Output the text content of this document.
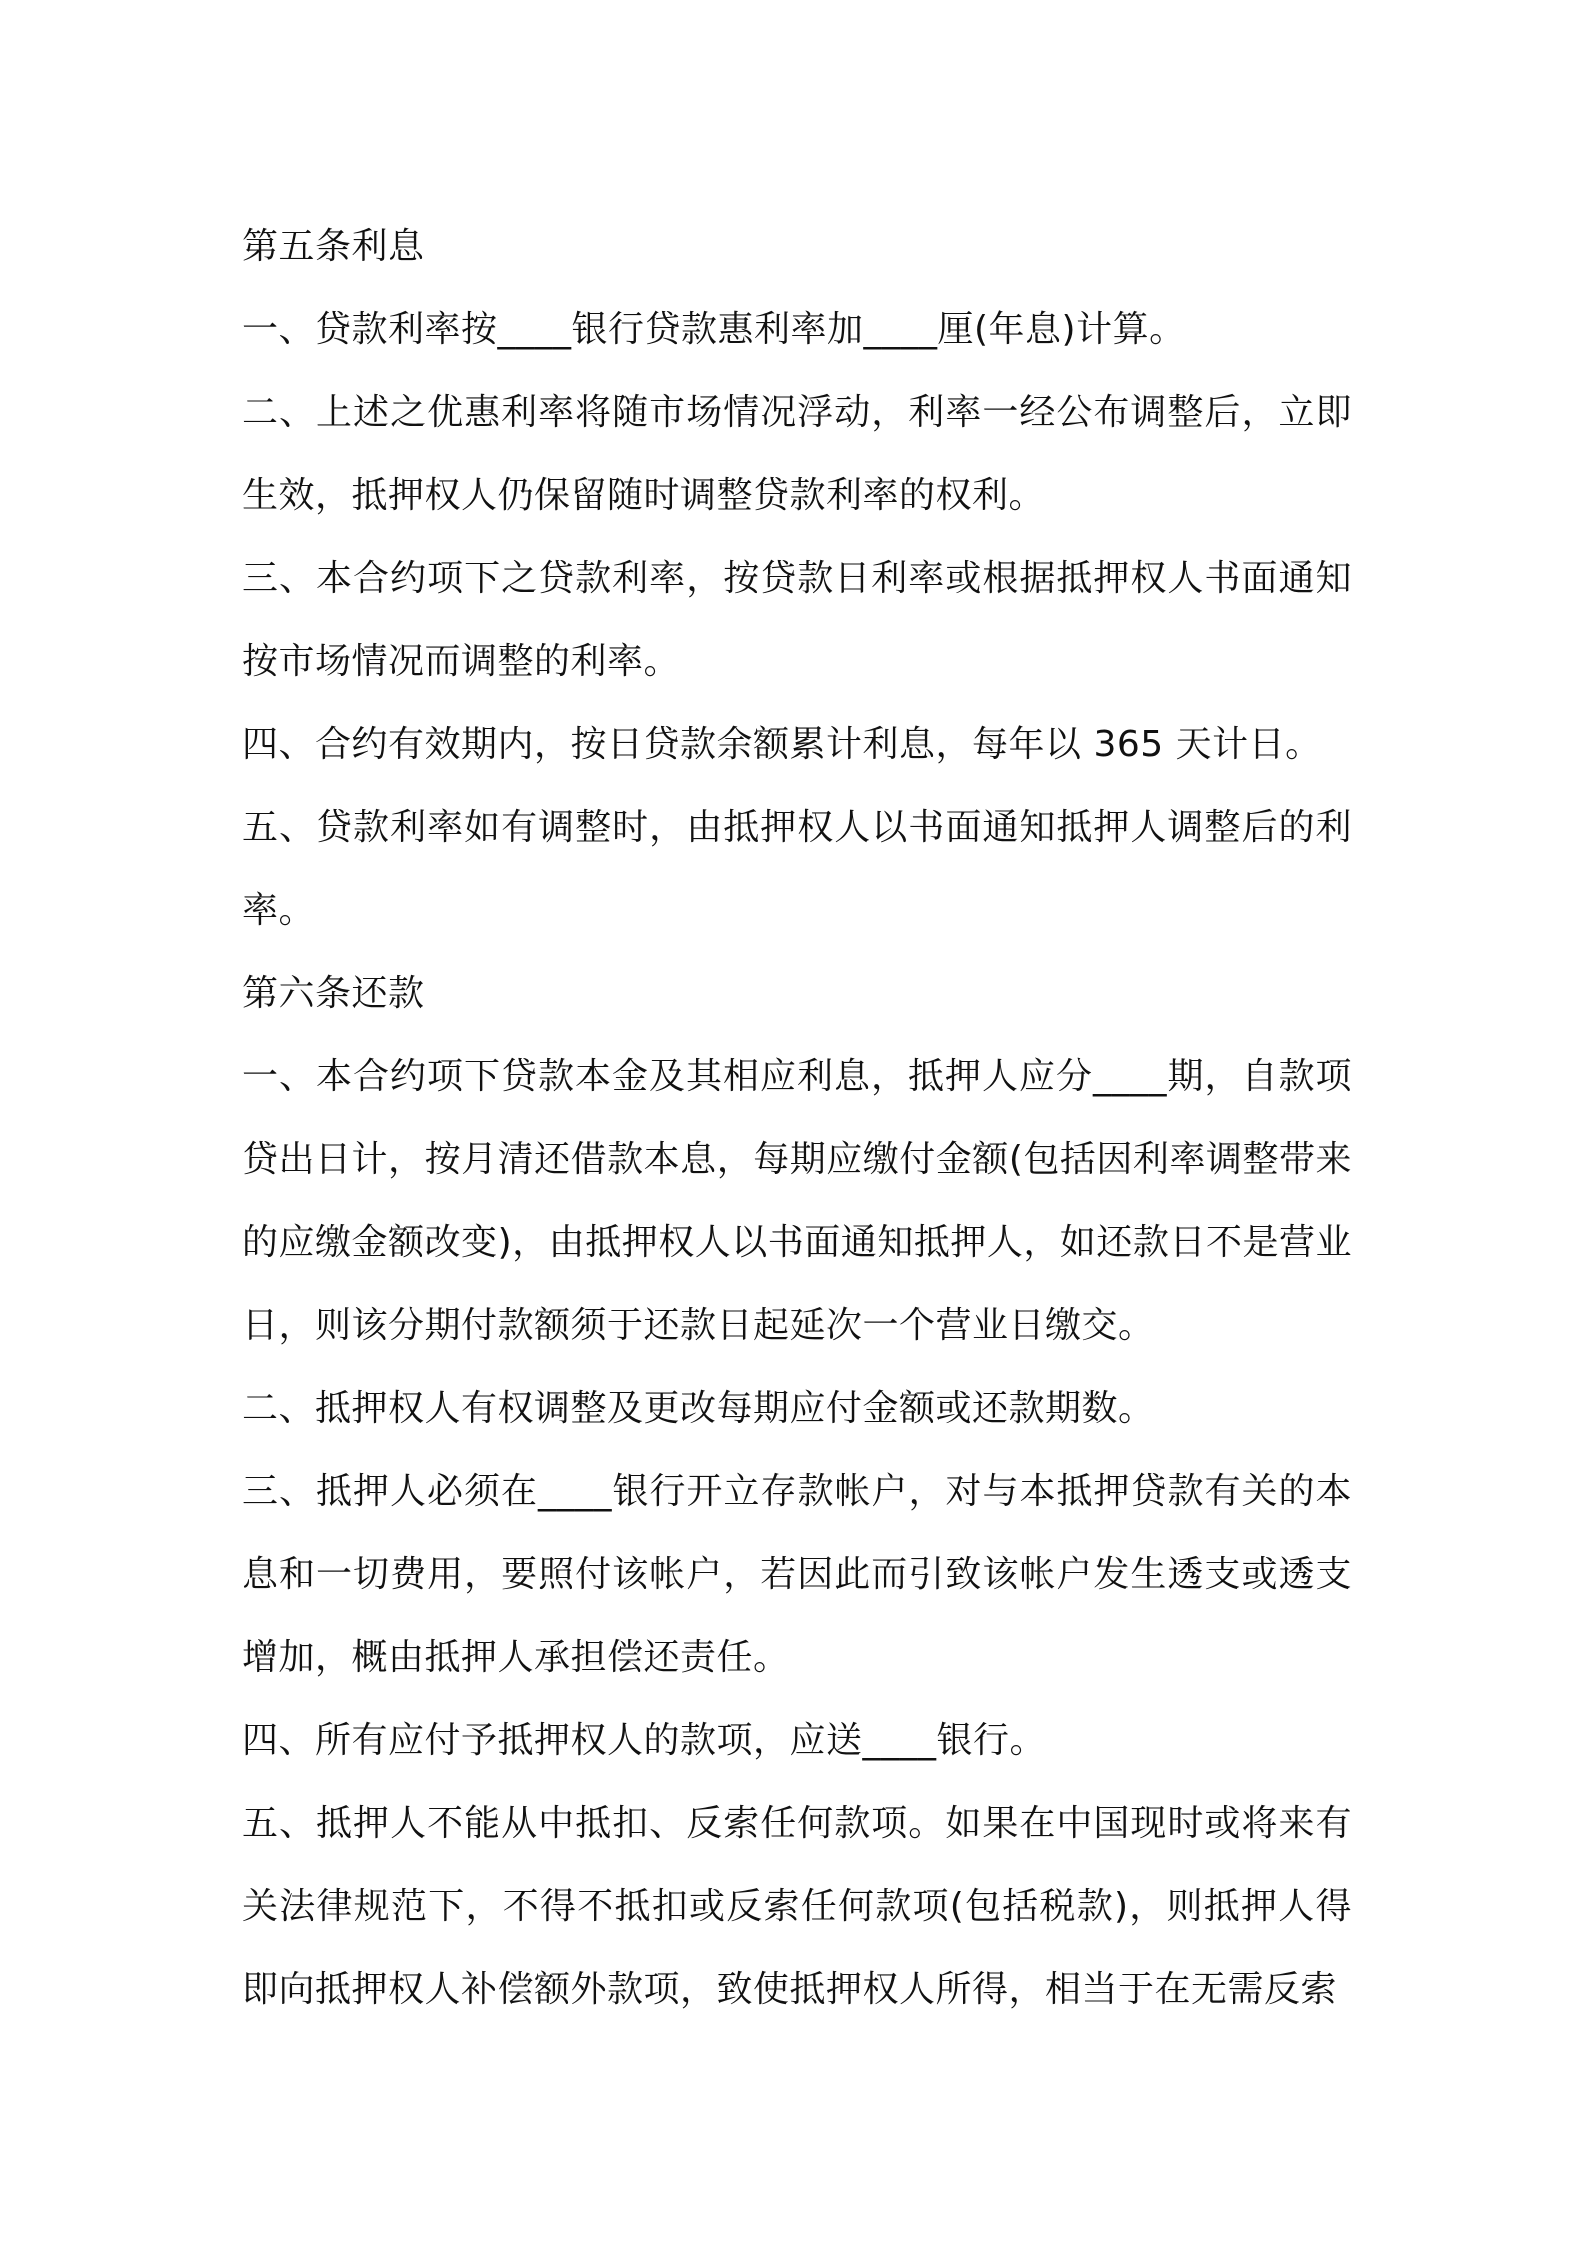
第五条利息

一、贷款利率按____银行贷款惠利率加____厘(年息)计算。

二、上述之优惠利率将随市场情况浮动，利率一经公布调整后，立即生效，抵押权人仍保留随时调整贷款利率的权利。

三、本合约项下之贷款利率，按贷款日利率或根据抵押权人书面通知按市场情况而调整的利率。

四、合约有效期内，按日贷款余额累计利息，每年以 365 天计日。

五、贷款利率如有调整时，由抵押权人以书面通知抵押人调整后的利率。

第六条还款

一、本合约项下贷款本金及其相应利息，抵押人应分____期，自款项贷出日计，按月清还借款本息，每期应缴付金额(包括因利率调整带来的应缴金额改变)，由抵押权人以书面通知抵押人，如还款日不是营业日，则该分期付款额须于还款日起延次一个营业日缴交。

二、抵押权人有权调整及更改每期应付金额或还款期数。

三、抵押人必须在____银行开立存款帐户，对与本抵押贷款有关的本息和一切费用，要照付该帐户，若因此而引致该帐户发生透支或透支增加，概由抵押人承担偿还责任。

四、所有应付予抵押权人的款项，应送____银行。

五、抵押人不能从中抵扣、反索任何款项。如果在中国现时或将来有关法律规范下，不得不抵扣或反索任何款项(包括税款)，则抵押人得即向抵押权人补偿额外款项，致使抵押权人所得，相当于在无需反索
